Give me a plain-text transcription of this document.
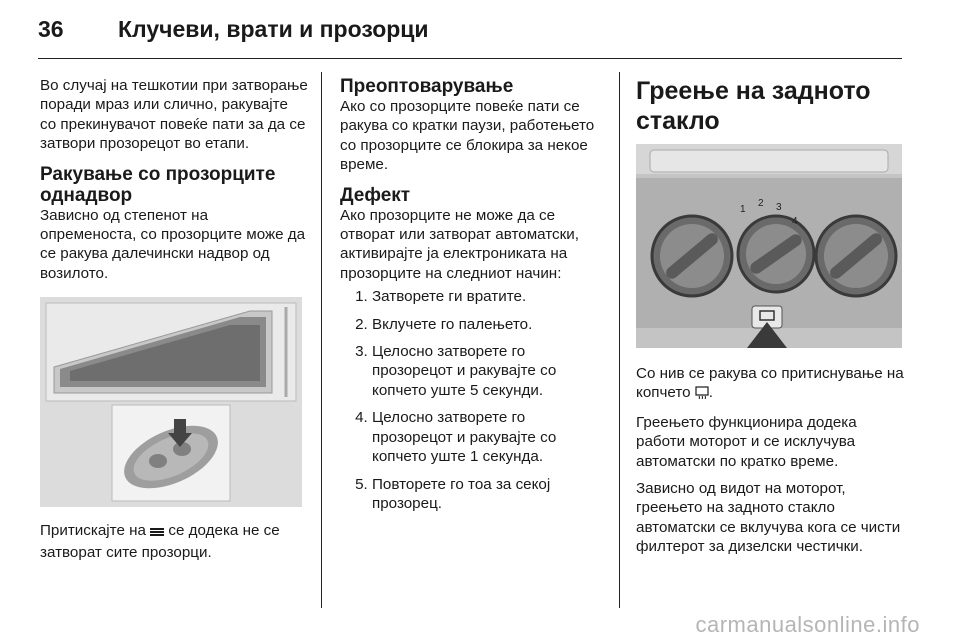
36 Клучеви, врати и прозорци

Во случај на тешкотии при затворање поради мраз или слично, ракувајте со прекинувачот повеќе пати за да се затвори прозорецот во етапи.

Ракување со прозорците однадвор

Зависно од степенот на опременоста, со прозорците може да се ракува далечински надвор од возилото.

Притискајте на  се додека не се затворат сите прозорци.

Преоптоварување

Ако со прозорците повеќе пати се ракува со кратки паузи, работењето со прозорците се блокира за некое време.

Дефект

Ако прозорците не може да се отворат или затворат автоматски, активирајте ја електрониката на прозорците на следниот начин:

1. Затворете ги вратите.
2. Вклучете го палењето.
3. Целосно затворете го прозорецот и ракувајте со копчето уште 5 секунди.
4. Целосно затворете го прозорецот и ракувајте со копчето уште 1 секунда.
5. Повторете го тоа за секој прозорец.
Греење на задното стакло
1
2 3
4

Со нив се ракува со притиснување на копчето .

Греењето функционира додека работи моторот и се исклучува автоматски по кратко време.

Зависно од видот на моторот, греењето на задното стакло автоматски се вклучува кога се чисти филтерот за дизелски честички.

carmanualsonline.info
